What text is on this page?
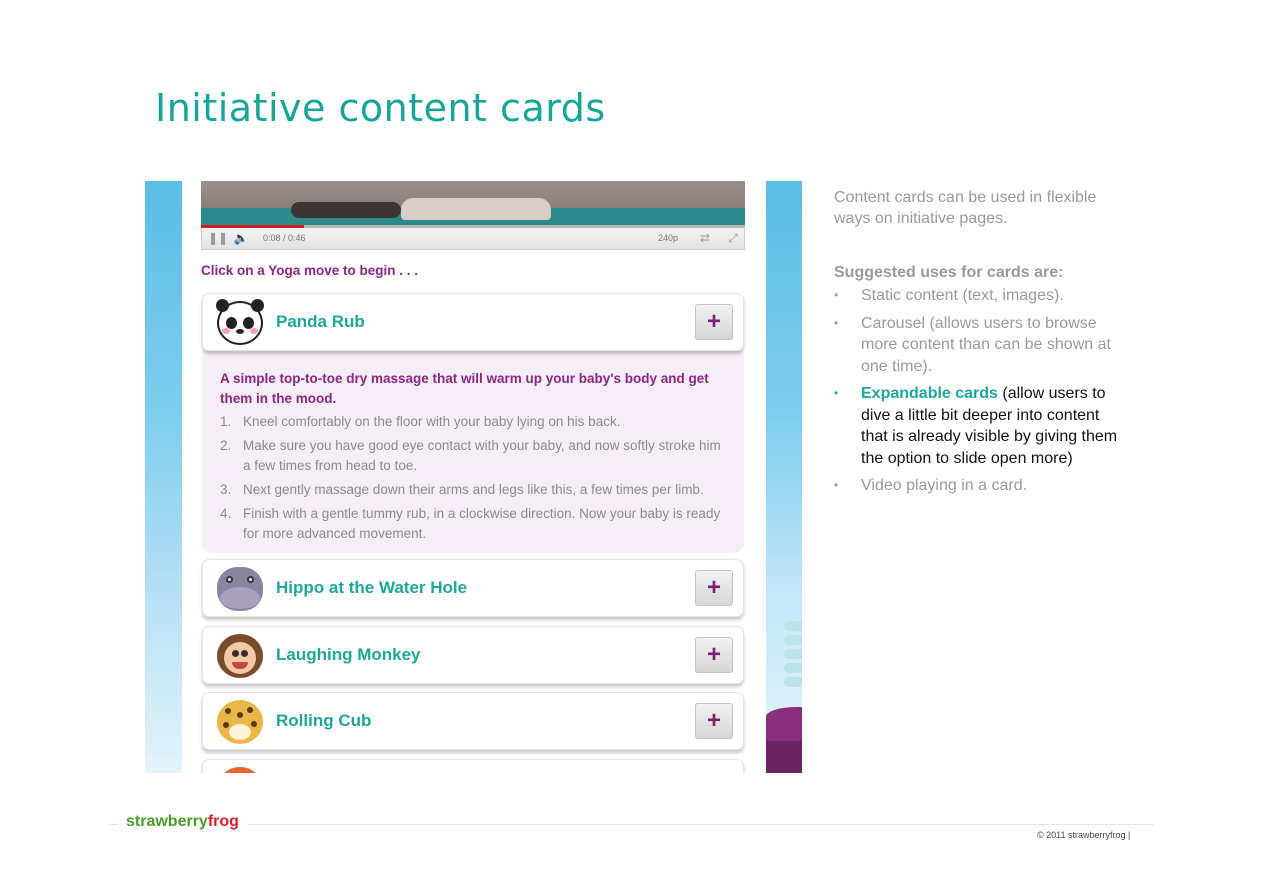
Initiative content cards
❚❚ 🔈	0:08 / 0:46	240p	⇄	⤢
Click on a Yoga move to begin . . .
A simple top-to-toe dry massage that will warm up your baby's body and get them in the mood.
1. Kneel comfortably on the floor with your baby lying on his back.
2. Make sure you have good eye contact with your baby, and now softly stroke him a few times from head to toe.
3. Next gently massage down their arms and legs like this, a few times per limb.
4. Finish with a gentle tummy rub, in a clockwise direction. Now your baby is ready for more advanced movement.
Panda Rub	+
Hippo at the Water Hole	+
Laughing Monkey	+
Rolling Cub	+
Content cards can be used in flexible ways on initiative pages.
Suggested uses for cards are:
• Static content (text, images).
• Carousel (allows users to browse more content than can be shown at one time).
• Expandable cards (allow users to dive a little bit deeper into content that is already visible by giving them the option to slide open more)
• Video playing in a card.
strawberryfrog
© 2011 strawberryfrog |
